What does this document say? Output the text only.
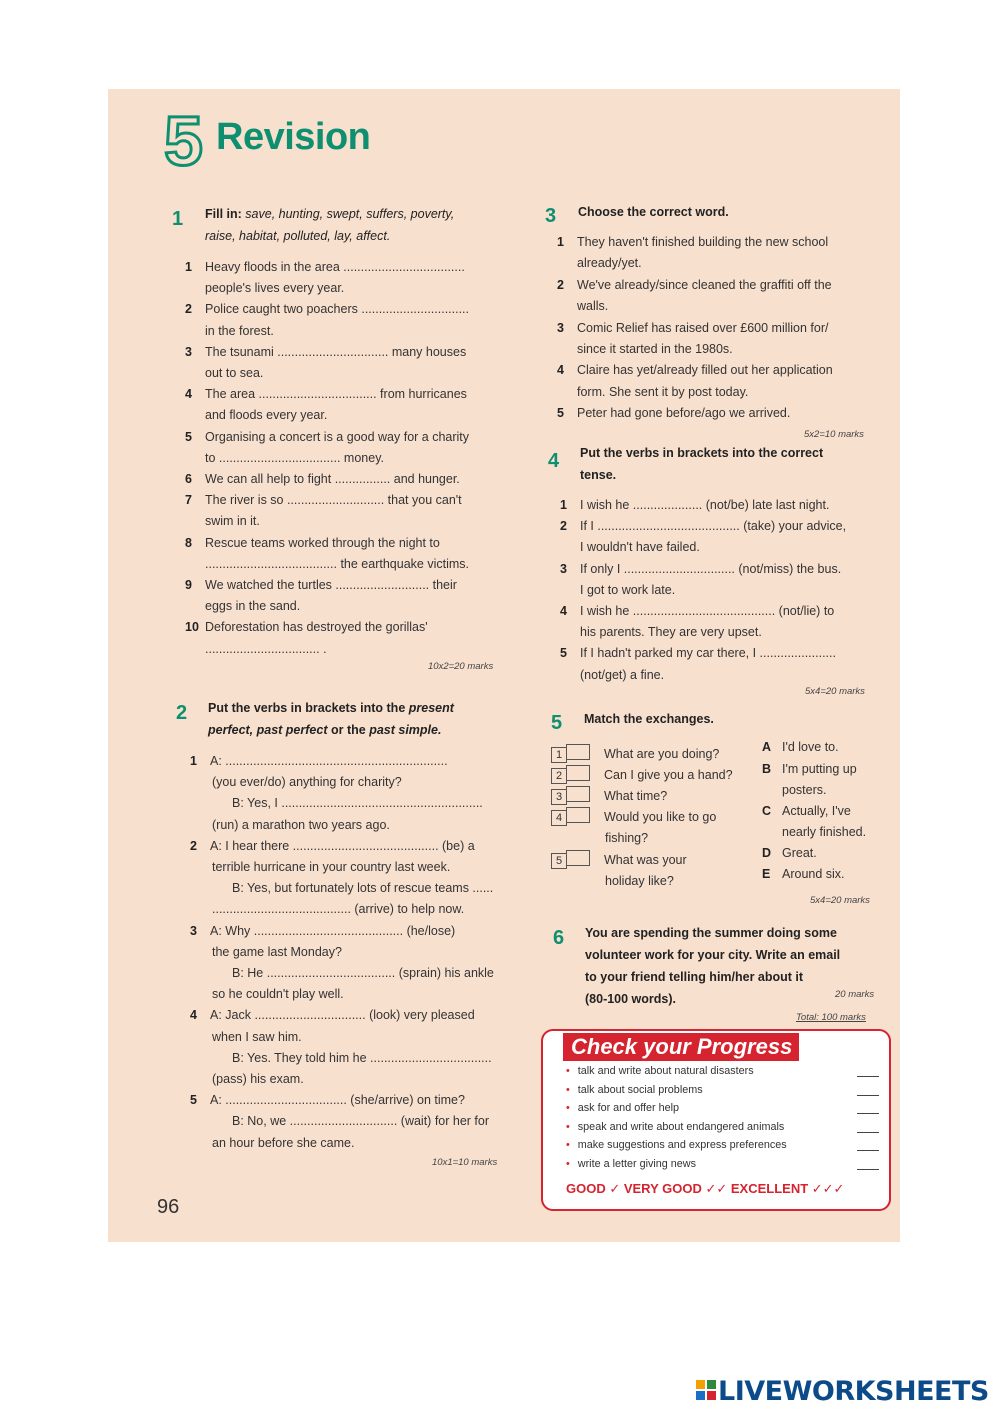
5 Revision
1 Fill in: save, hunting, swept, suffers, poverty,
raise, habitat, polluted, lay, affect.
1 Heavy floods in the area ...................................
people's lives every year.
2 Police caught two poachers ...............................
in the forest.
3 The tsunami ................................ many houses
out to sea.
4 The area .................................. from hurricanes
and floods every year.
5 Organising a concert is a good way for a charity
to ................................... money.
6 We can all help to fight ................ and hunger.
7 The river is so ............................ that you can't
swim in it.
8 Rescue teams worked through the night to
...................................... the earthquake victims.
9 We watched the turtles ........................... their
eggs in the sand.
10 Deforestation has destroyed the gorillas'
................................. .
10x2=20 marks
2 Put the verbs in brackets into the present
perfect, past perfect or the past simple.
1 A: ................................................................
(you ever/do) anything for charity?
B: Yes, I ..........................................................
(run) a marathon two years ago.
2 A: I hear there .......................................... (be) a
terrible hurricane in your country last week.
B: Yes, but fortunately lots of rescue teams ......
........................................ (arrive) to help now.
3 A: Why ........................................... (he/lose)
the game last Monday?
B: He ..................................... (sprain) his ankle
so he couldn't play well.
4 A: Jack ................................ (look) very pleased
when I saw him.
B: Yes. They told him he ...................................
(pass) his exam.
5 A: ................................... (she/arrive) on time?
B: No, we ............................... (wait) for her for
an hour before she came.
10x1=10 marks
3 Choose the correct word.
1 They haven't finished building the new school
already/yet.
2 We've already/since cleaned the graffiti off the
walls.
3 Comic Relief has raised over £600 million for/
since it started in the 1980s.
4 Claire has yet/already filled out her application
form. She sent it by post today.
5 Peter had gone before/ago we arrived.
5x2=10 marks
4 Put the verbs in brackets into the correct
tense.
1 I wish he .................... (not/be) late last night.
2 If I ......................................... (take) your advice,
I wouldn't have failed.
3 If only I ................................ (not/miss) the bus.
I got to work late.
4 I wish he ......................................... (not/lie) to
his parents. They are very upset.
5 If I hadn't parked my car there, I ......................
(not/get) a fine.
5x4=20 marks
5 Match the exchanges.
1	What are you doing?
2	Can I give you a hand?
3	What time?
4	Would you like to go
fishing?
5	What was your
holiday like?
A I'd love to.
B I'm putting up
posters.
C Actually, I've
nearly finished.
D Great.
E Around six.
5x4=20 marks
6 You are spending the summer doing some
volunteer work for your city. Write an email
to your friend telling him/her about it
(80-100 words).	20 marks
Total: 100 marks
Check your Progress
• talk and write about natural disasters
• talk about social problems
• ask for and offer help
• speak and write about endangered animals
• make suggestions and express preferences
• write a letter giving news
GOOD ✓ VERY GOOD ✓✓ EXCELLENT ✓✓✓
96
LIVEWORKSHEETS
